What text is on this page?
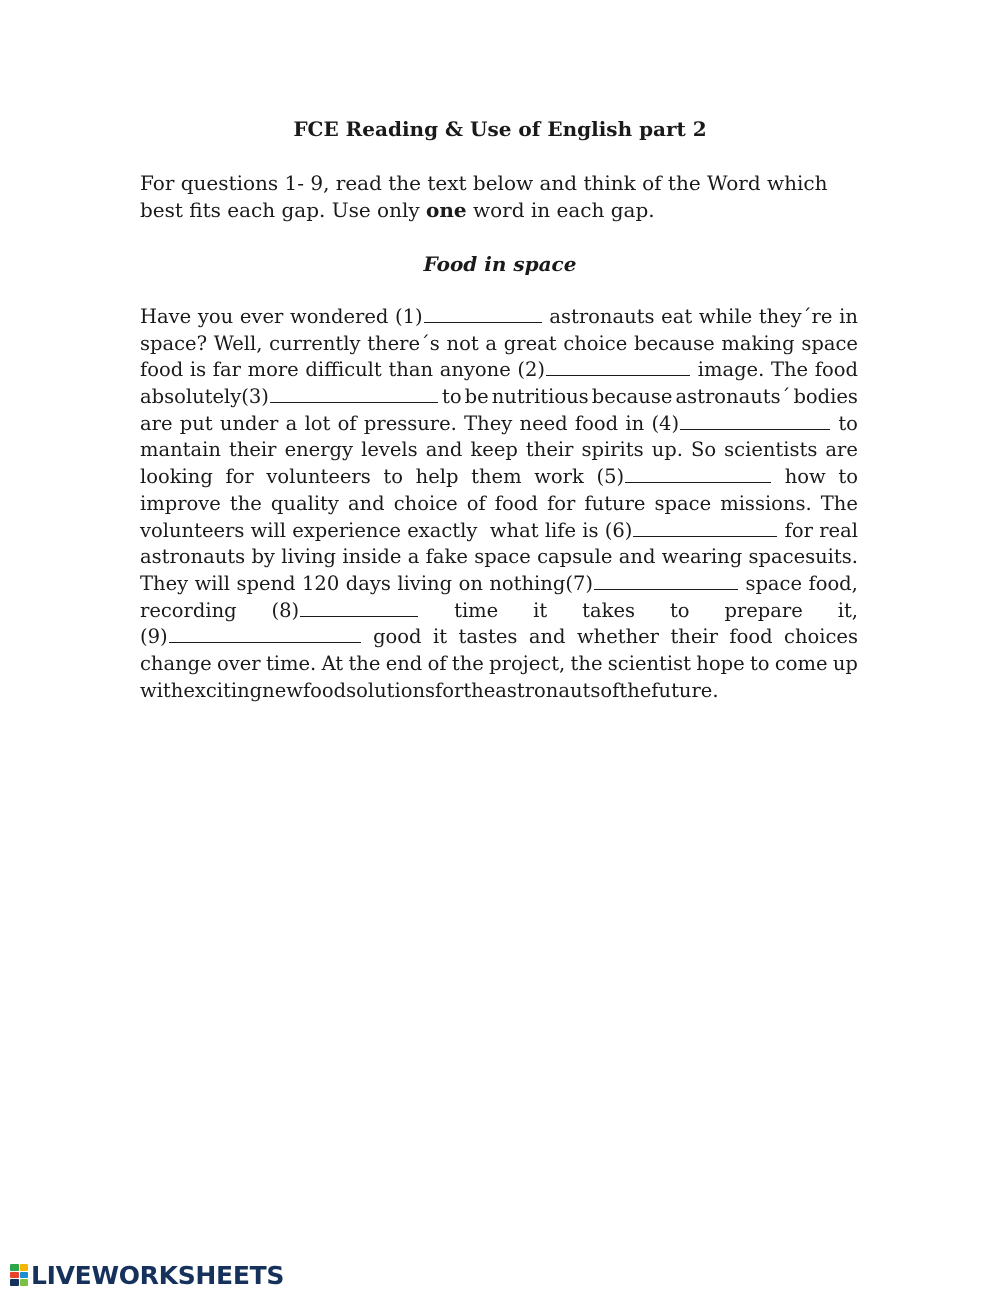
FCE Reading & Use of English part 2
For questions 1- 9, read the text below and think of the Word which best fits each gap. Use only one word in each gap.
Food in space
Have you ever wondered (1)	astronauts eat while they´re in
space? Well, currently there´s not a great choice because making space
food is far more difficult than anyone (2)	image. The food
absolutely(3)	to be nutritious because astronauts´ bodies
are put under a lot of pressure. They need food in (4)	to
mantain their energy levels and keep their spirits up. So scientists are
looking for volunteers to help them work (5)	how to
improve the quality and choice of food for future space missions. The
volunteers will experience exactly what life is (6)	for real
astronauts by living inside a fake space capsule and wearing spacesuits.
They will spend 120 days living on nothing(7)	space food,
recording (8)	time it takes to prepare it,
(9)	good it tastes and whether their food choices
change over time. At the end of the project, the scientist hope to come up
with exciting new food solutions for the astronauts of the future.
LIVEWORKSHEETS
